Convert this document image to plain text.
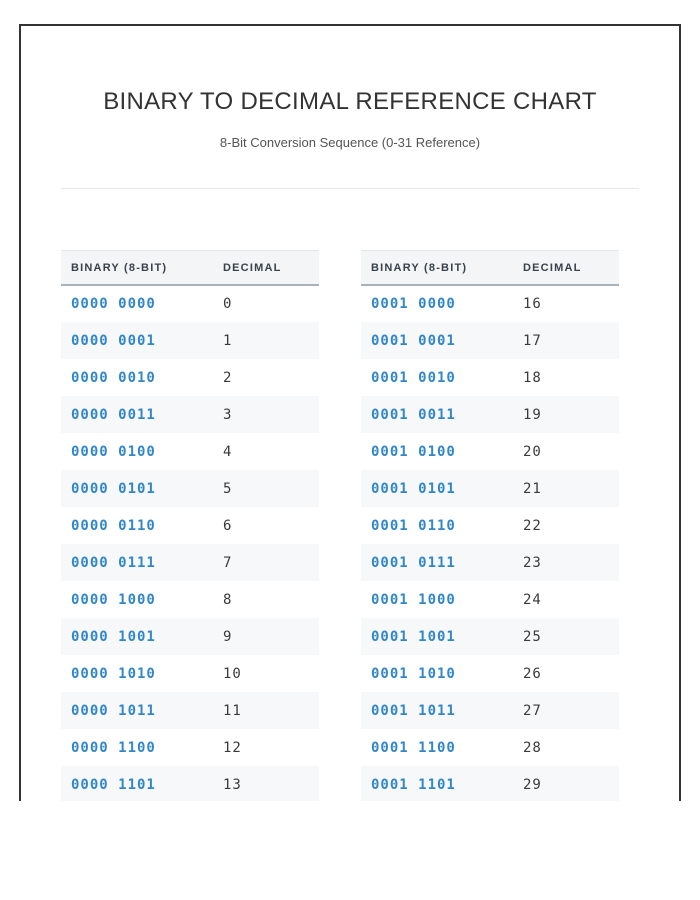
BINARY TO DECIMAL REFERENCE CHART

8-Bit Conversion Sequence (0-31 Reference)

BINARY (8-BIT)	DECIMAL
0000 0000	0
0000 0001	1
0000 0010	2
0000 0011	3
0000 0100	4
0000 0101	5
0000 0110	6
0000 0111	7
0000 1000	8
0000 1001	9
0000 1010	10
0000 1011	11
0000 1100	12
0000 1101	13
BINARY (8-BIT)	DECIMAL
0001 0000	16
0001 0001	17
0001 0010	18
0001 0011	19
0001 0100	20
0001 0101	21
0001 0110	22
0001 0111	23
0001 1000	24
0001 1001	25
0001 1010	26
0001 1011	27
0001 1100	28
0001 1101	29
